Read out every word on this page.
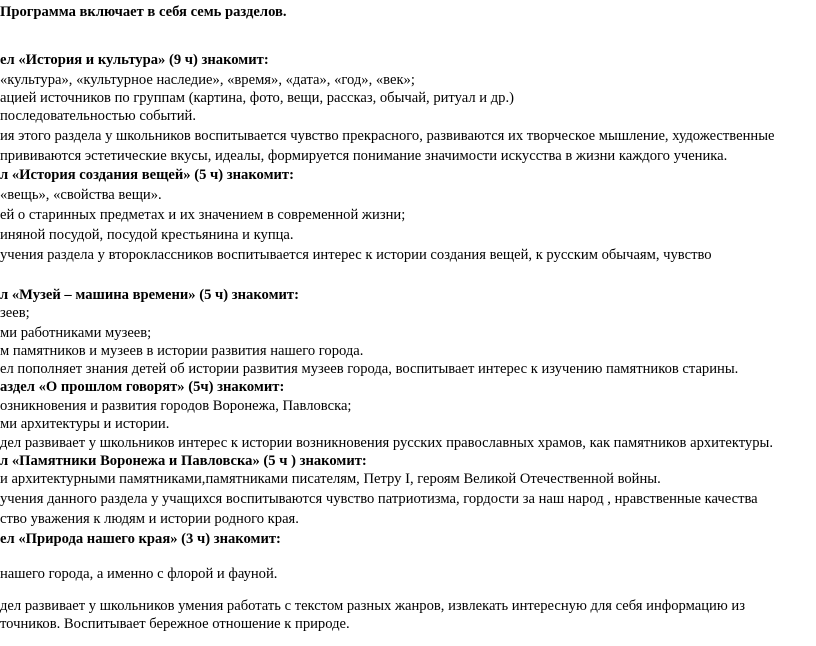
Программа включает в себя семь разделов.
ел «История и культура» (9 ч) знакомит:
«культура», «культурное наследие», «время», «дата», «год», «век»;
ацией источников по группам (картина, фото, вещи, рассказ, обычай, ритуал и др.)
последовательностью событий.
ия этого раздела у школьников воспитывается чувство прекрасного, развиваются их творческое мышление, художественные
прививаются эстетические вкусы, идеалы, формируется понимание значимости искусства в жизни каждого ученика.
л «История создания вещей» (5 ч) знакомит:
«вещь», «свойства вещи».
ей о старинных предметах и их значением в современной жизни;
иняной посудой, посудой крестьянина и купца.
учения раздела у второклассников воспитывается интерес к истории создания вещей, к русским обычаям, чувство
л «Музей – машина времени» (5 ч) знакомит:
зеев;
ми работниками музеев;
м памятников и музеев в истории развития нашего города.
ел пополняет знания детей об истории развития музеев города, воспитывает интерес к изучению памятников старины.
аздел «О прошлом говорят» (5ч) знакомит:
озникновения и развития городов Воронежа, Павловска;
ми архитектуры и истории.
дел развивает у школьников интерес к истории возникновения русских православных храмов, как памятников архитектуры.
л «Памятники Воронежа и Павловска» (5 ч ) знакомит:
и архитектурными памятниками,памятниками писателям, Петру I, героям Великой Отечественной войны.
учения данного раздела у учащихся воспитываются чувство патриотизма, гордости за наш народ , нравственные качества
ство уважения к людям и истории родного края.
ел «Природа нашего края» (3 ч) знакомит:
нашего города, а именно с флорой и фауной.
дел развивает у школьников умения работать с текстом разных жанров, извлекать интересную для себя информацию из
точников. Воспитывает бережное отношение к природе.
